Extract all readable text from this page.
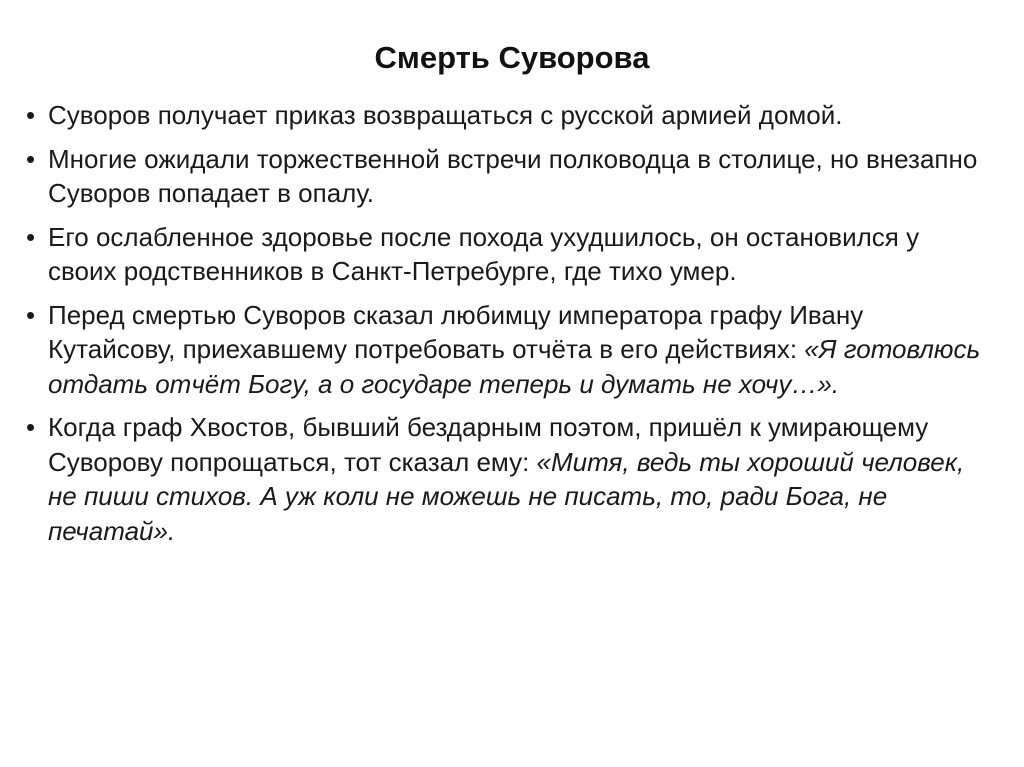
Смерть Суворова
• Суворов получает приказ возвращаться с русской армией домой.
• Многие ожидали торжественной встречи полководца в столице, но внезапно Суворов попадает в опалу.
• Его ослабленное здоровье после похода ухудшилось, он остановился у своих родственников в Санкт-Петребурге, где тихо умер.
• Перед смертью Суворов сказал любимцу императора графу Ивану Кутайсову, приехавшему потребовать отчёта в его действиях: «Я готовлюсь отдать отчёт Богу, а о государе теперь и думать не хочу…».
• Когда граф Хвостов, бывший бездарным поэтом, пришёл к умирающему Суворову попрощаться, тот сказал ему: «Митя, ведь ты хороший человек, не пиши стихов. А уж коли не можешь не писать, то, ради Бога, не печатай».
